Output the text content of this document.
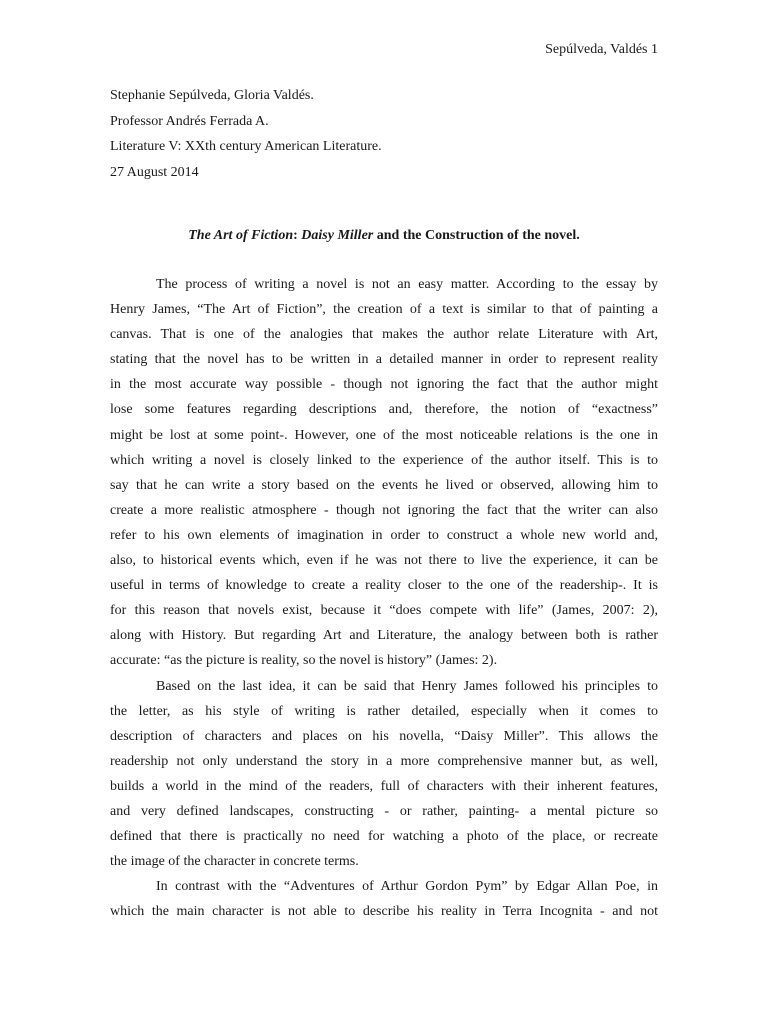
Sepúlveda, Valdés 1
Stephanie Sepúlveda, Gloria Valdés.
Professor Andrés Ferrada A.
Literature V: XXth century American Literature.
27 August 2014
The Art of Fiction: Daisy Miller and the Construction of the novel.
The process of writing a novel is not an easy matter. According to the essay by
Henry James, “The Art of Fiction”, the creation of a text is similar to that of painting a
canvas. That is one of the analogies that makes the author relate Literature with Art,
stating that the novel has to be written in a detailed manner in order to represent reality
in the most accurate way possible - though not ignoring the fact that the author might
lose some features regarding descriptions and, therefore, the notion of “exactness”
might be lost at some point-. However, one of the most noticeable relations is the one in
which writing a novel is closely linked to the experience of the author itself. This is to
say that he can write a story based on the events he lived or observed, allowing him to
create a more realistic atmosphere - though not ignoring the fact that the writer can also
refer to his own elements of imagination in order to construct a whole new world and,
also, to historical events which, even if he was not there to live the experience, it can be
useful in terms of knowledge to create a reality closer to the one of the readership-. It is
for this reason that novels exist, because it “does compete with life” (James, 2007: 2),
along with History. But regarding Art and Literature, the analogy between both is rather
accurate: “as the picture is reality, so the novel is history” (James: 2).
Based on the last idea, it can be said that Henry James followed his principles to
the letter, as his style of writing is rather detailed, especially when it comes to
description of characters and places on his novella, “Daisy Miller”. This allows the
readership not only understand the story in a more comprehensive manner but, as well,
builds a world in the mind of the readers, full of characters with their inherent features,
and very defined landscapes, constructing - or rather, painting- a mental picture so
defined that there is practically no need for watching a photo of the place, or recreate
the image of the character in concrete terms.
In contrast with the “Adventures of Arthur Gordon Pym” by Edgar Allan Poe, in
which the main character is not able to describe his reality in Terra Incognita - and not
